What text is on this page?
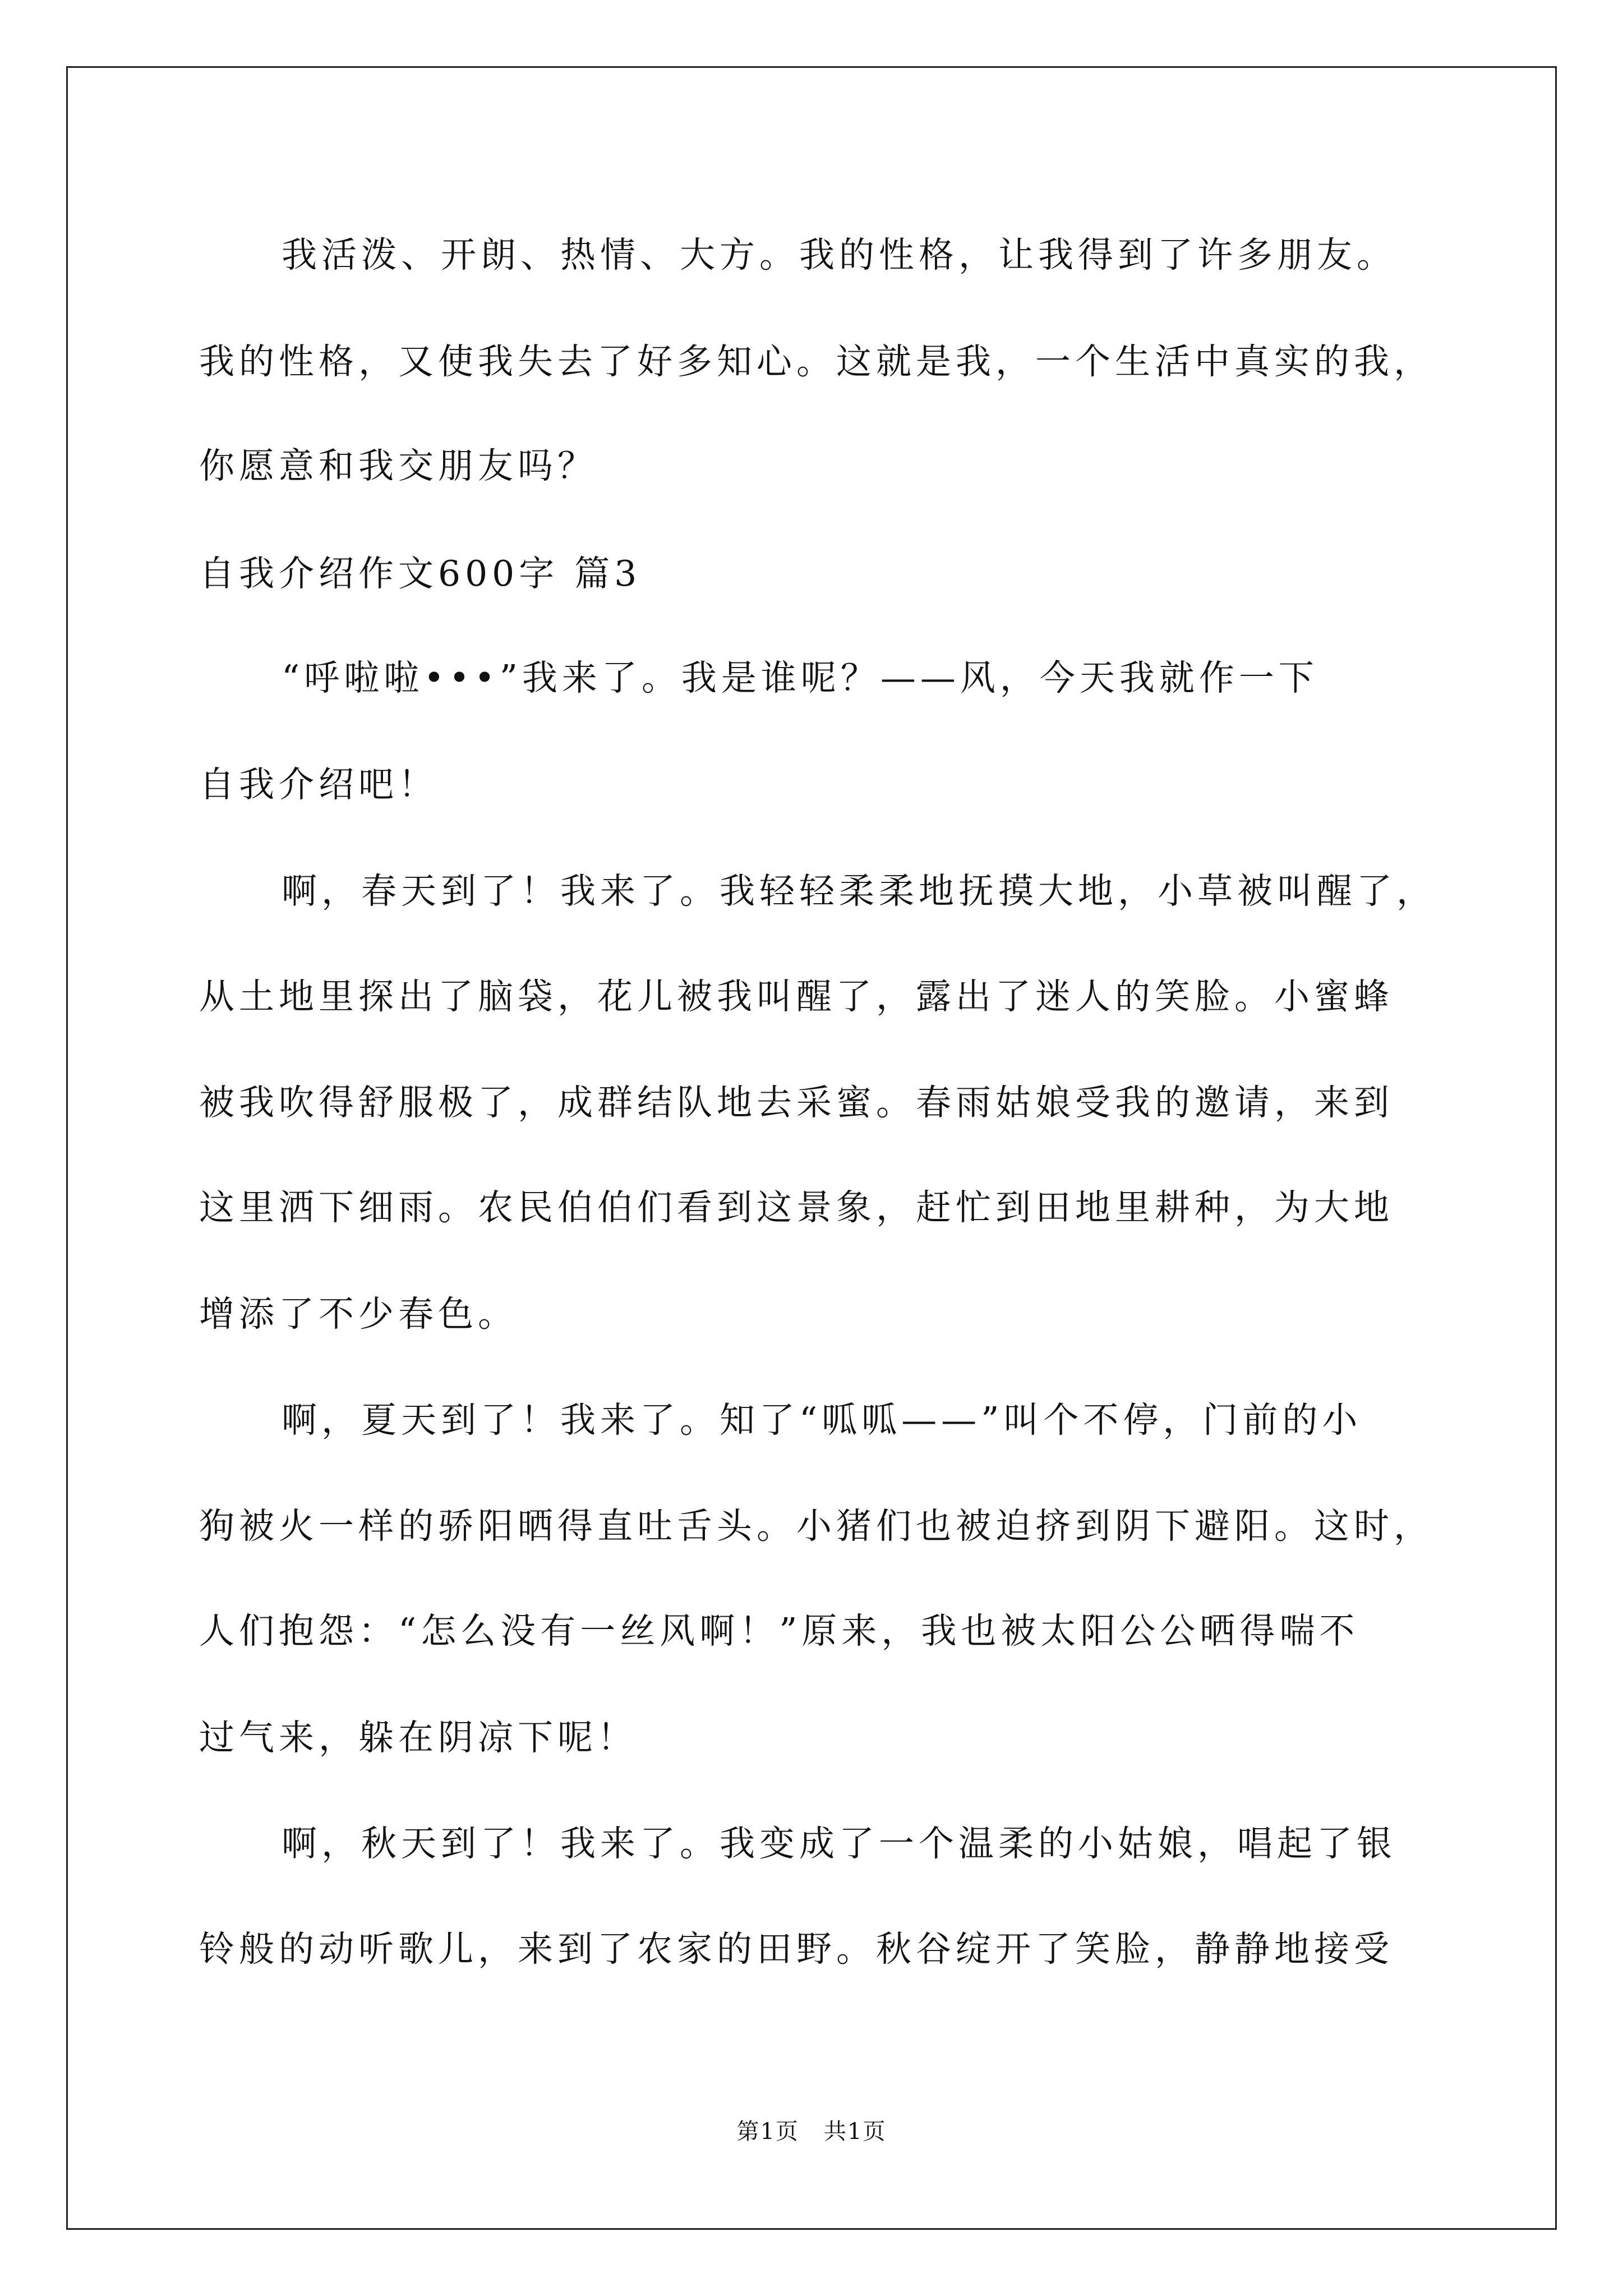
我活泼、开朗、热情、大方。我的性格，让我得到了许多朋友。
我的性格，又使我失去了好多知心。这就是我，一个生活中真实的我，
你愿意和我交朋友吗？
自我介绍作文600字 篇3
“呼啦啦•••”我来了。我是谁呢？——风，今天我就作一下
自我介绍吧！
啊，春天到了！我来了。我轻轻柔柔地抚摸大地，小草被叫醒了，
从土地里探出了脑袋，花儿被我叫醒了，露出了迷人的笑脸。小蜜蜂
被我吹得舒服极了，成群结队地去采蜜。春雨姑娘受我的邀请，来到
这里洒下细雨。农民伯伯们看到这景象，赶忙到田地里耕种，为大地
增添了不少春色。
啊，夏天到了！我来了。知了“呱呱——”叫个不停，门前的小
狗被火一样的骄阳晒得直吐舌头。小猪们也被迫挤到阴下避阳。这时，
人们抱怨：“怎么没有一丝风啊！”原来，我也被太阳公公晒得喘不
过气来，躲在阴凉下呢！
啊，秋天到了！我来了。我变成了一个温柔的小姑娘，唱起了银
铃般的动听歌儿，来到了农家的田野。秋谷绽开了笑脸，静静地接受
第1页   共1页
